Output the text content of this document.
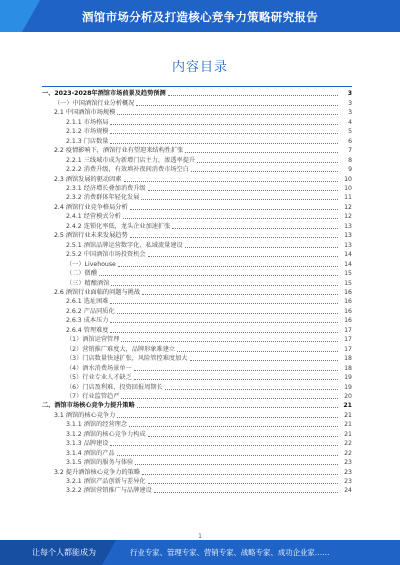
酒馆市场分析及打造核心竞争力策略研究报告
内容目录
一、2023-2028年酒馆市场前景及趋势预测	3
（一）中国酒馆行业分析概况	3
2.1 中国酒馆市场规模	3
2.1.1 市场格局	4
2.1.2 市场规模	5
2.1.3 门店数量	6
2.2 疫情影响下，酒馆行业有望迎来结构性扩张	7
2.2.1 三线城市成为新增门店主力，渗透率提升	8
2.2.2 消费升级，有效填补夜间消费市场空白	9
2.3 酒馆发展的驱动因素	10
2.3.1 经济增长叠加消费升级	10
2.3.2 消费群体年轻化发展	11
2.4 酒馆行业竞争格局分析	12
2.4.1 经营模式分析	12
2.4.2 连锁化率低，龙头企业加速扩张	13
2.5 酒馆行业未来发展趋势	13
2.5.1 酒馆品牌运营数字化、私域流量建设	13
2.5.2 中国酒馆市场投资机会	14
（一）Livehouse	14
（二）微醺	15
（三）精酿酒馆	15
2.6 酒馆行业面临的问题与挑战	16
2.6.1 选址困难	16
2.6.2 产品同质化	16
2.6.3 成本压力	16
2.6.4 管理难度	17
（1）酒馆运营管理	17
（2）营销推广难度大，品牌形象难建立	17
（3）门店数量快速扩张，风险管控难度加大	18
（4）酒水消费场景单一	18
（5）行业专业人才缺乏	19
（6）门店盈利难，投资回报周期长	19
（7）行业监管趋严	20
二、酒馆市场核心竞争力提升策略	21
3.1 酒馆的核心竞争力	21
3.1.1 酒馆的经营理念	21
3.1.2 酒馆的核心竞争力构成	21
3.1.3 品牌建设	22
3.1.4 酒馆的产品	22
3.1.5 酒馆的服务与体验	23
3.2 提升酒馆核心竞争力的策略	23
3.2.1 酒馆产品创新与差异化	23
3.2.2 酒馆营销推广与品牌建设	24
1
让每个人都能成为	行业专家、管理专家、营销专家、战略专家、成功企业家……
